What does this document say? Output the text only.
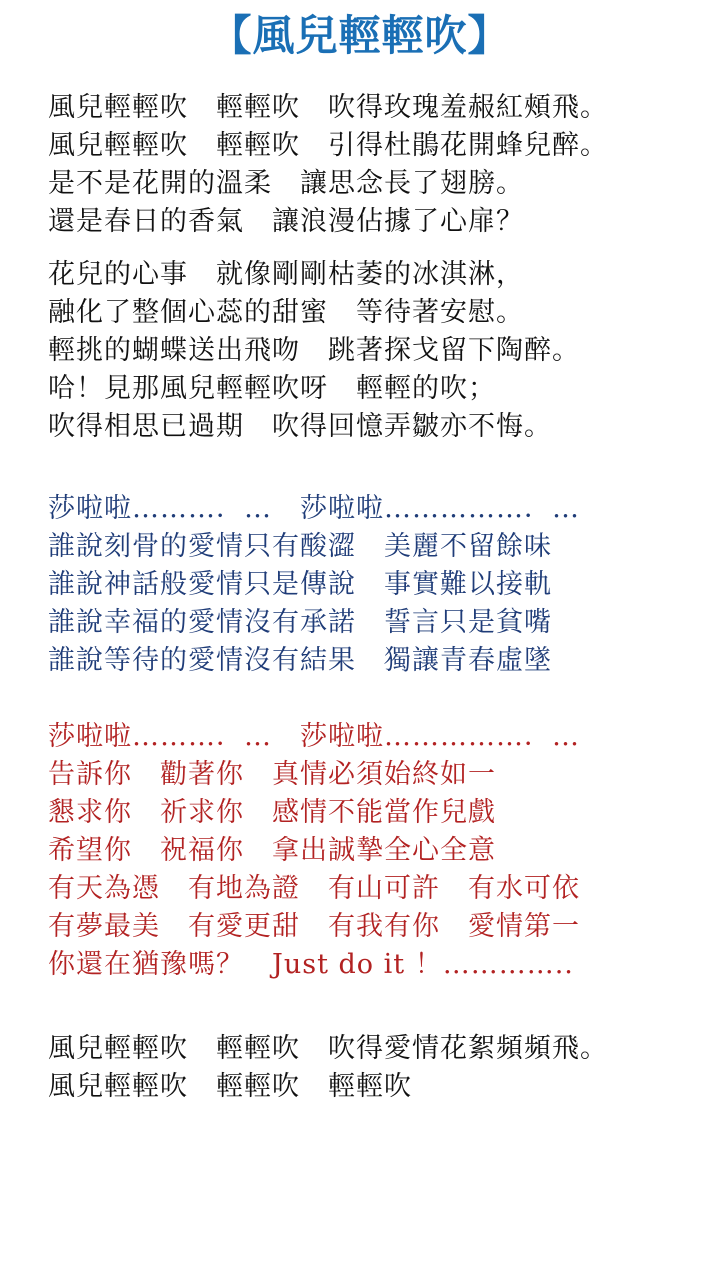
【風兒輕輕吹】
風兒輕輕吹　輕輕吹　吹得玫瑰羞赧紅頰飛。
風兒輕輕吹　輕輕吹　引得杜鵑花開蜂兒醉。
是不是花開的溫柔　讓思念長了翅膀。
還是春日的香氣　讓浪漫佔據了心扉？
花兒的心事　就像剛剛枯萎的冰淇淋，
融化了整個心蕊的甜蜜　等待著安慰。
輕挑的蝴蝶送出飛吻　跳著探戈留下陶醉。
哈！見那風兒輕輕吹呀　輕輕的吹；
吹得相思已過期　吹得回憶弄皺亦不悔。
莎啦啦………．…　莎啦啦……………．…
誰說刻骨的愛情只有酸澀　美麗不留餘味
誰說神話般愛情只是傳說　事實難以接軌
誰說幸福的愛情沒有承諾　誓言只是貧嘴
誰說等待的愛情沒有結果　獨讓青春虛墜
莎啦啦………．…　莎啦啦……………．…
告訴你　勸著你　真情必須始終如一
懇求你　祈求你　感情不能當作兒戲
希望你　祝福你　拿出誠摯全心全意
有天為憑　有地為證　有山可許　有水可依
有夢最美　有愛更甜　有我有你　愛情第一
你還在猶豫嗎？　Just do it ！…………..
風兒輕輕吹　輕輕吹　吹得愛情花絮頻頻飛。
風兒輕輕吹　輕輕吹　輕輕吹
